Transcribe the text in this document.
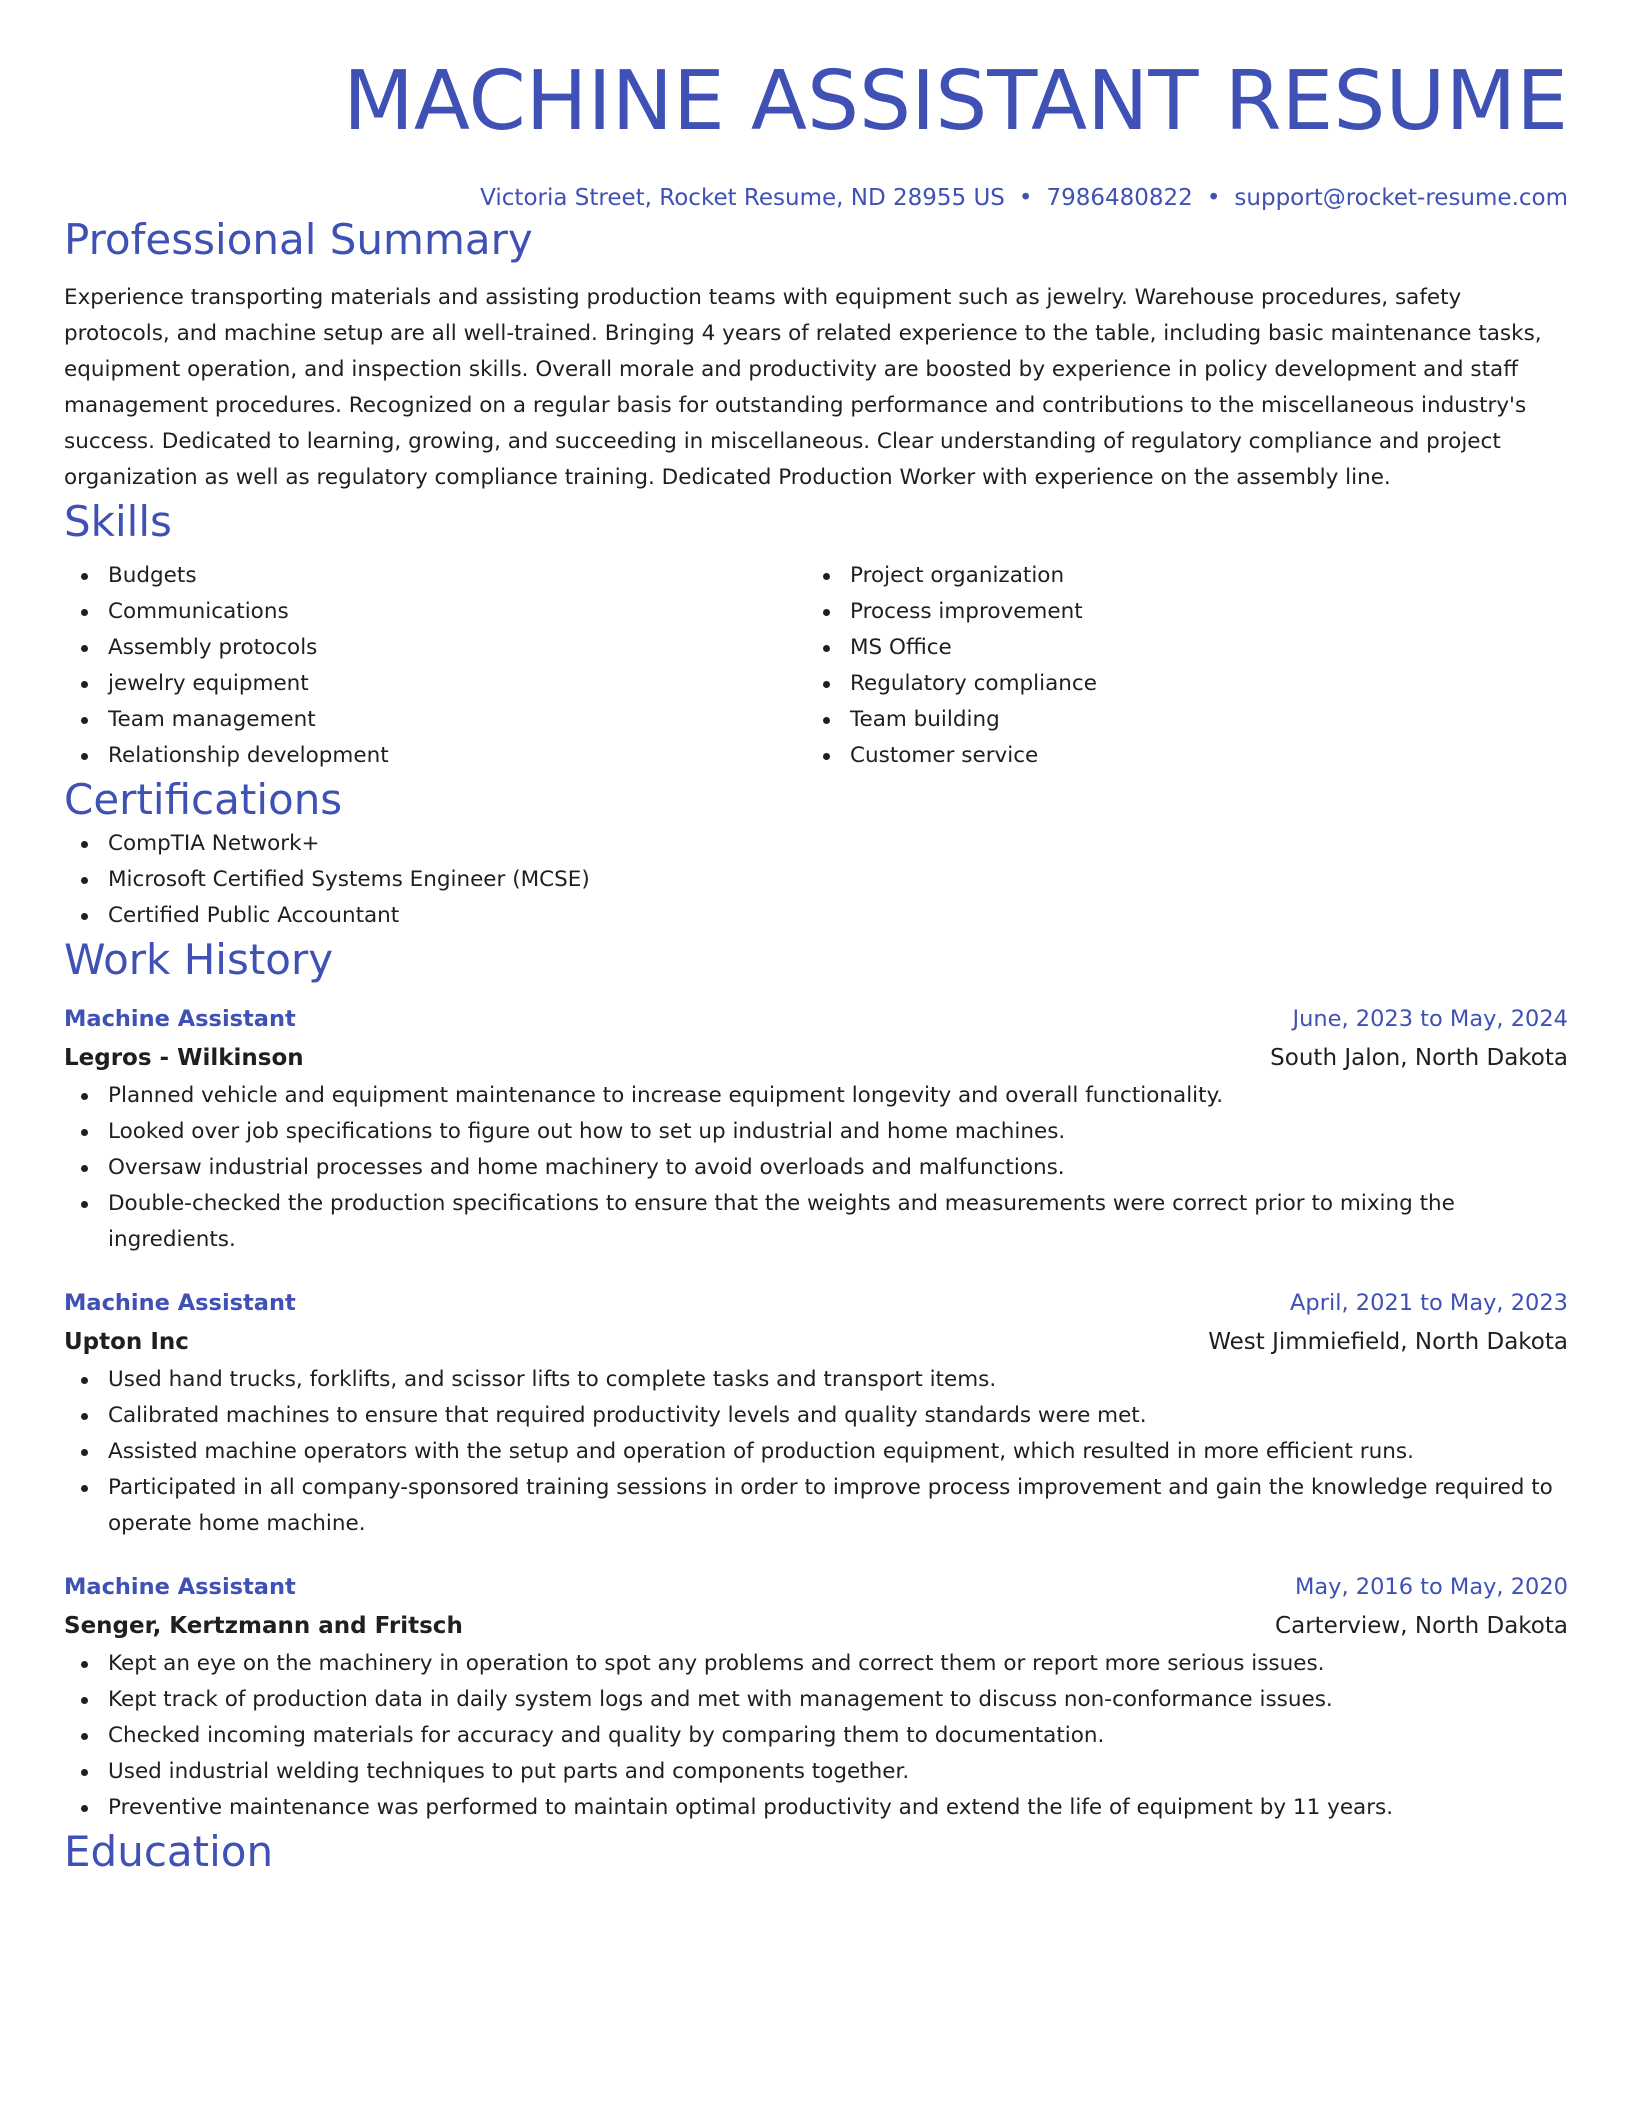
MACHINE ASSISTANT RESUME
Victoria Street, Rocket Resume, ND 28955 US • 7986480822 • support@rocket-resume.com
Professional Summary
Experience transporting materials and assisting production teams with equipment such as jewelry. Warehouse procedures, safety protocols, and machine setup are all well-trained. Bringing 4 years of related experience to the table, including basic maintenance tasks, equipment operation, and inspection skills. Overall morale and productivity are boosted by experience in policy development and staff management procedures. Recognized on a regular basis for outstanding performance and contributions to the miscellaneous industry's success. Dedicated to learning, growing, and succeeding in miscellaneous. Clear understanding of regulatory compliance and project organization as well as regulatory compliance training. Dedicated Production Worker with experience on the assembly line.
Skills
Budgets
Communications
Assembly protocols
jewelry equipment
Team management
Relationship development
Project organization
Process improvement
MS Office
Regulatory compliance
Team building
Customer service
Certifications
CompTIA Network+
Microsoft Certified Systems Engineer (MCSE)
Certified Public Accountant
Work History
Machine Assistant	June, 2023 to May, 2024
Legros - Wilkinson	South Jalon, North Dakota
Planned vehicle and equipment maintenance to increase equipment longevity and overall functionality.
Looked over job specifications to figure out how to set up industrial and home machines.
Oversaw industrial processes and home machinery to avoid overloads and malfunctions.
Double-checked the production specifications to ensure that the weights and measurements were correct prior to mixing the ingredients.
Machine Assistant	April, 2021 to May, 2023
Upton Inc	West Jimmiefield, North Dakota
Used hand trucks, forklifts, and scissor lifts to complete tasks and transport items.
Calibrated machines to ensure that required productivity levels and quality standards were met.
Assisted machine operators with the setup and operation of production equipment, which resulted in more efficient runs.
Participated in all company-sponsored training sessions in order to improve process improvement and gain the knowledge required to operate home machine.
Machine Assistant	May, 2016 to May, 2020
Senger, Kertzmann and Fritsch	Carterview, North Dakota
Kept an eye on the machinery in operation to spot any problems and correct them or report more serious issues.
Kept track of production data in daily system logs and met with management to discuss non-conformance issues.
Checked incoming materials for accuracy and quality by comparing them to documentation.
Used industrial welding techniques to put parts and components together.
Preventive maintenance was performed to maintain optimal productivity and extend the life of equipment by 11 years.
Education
